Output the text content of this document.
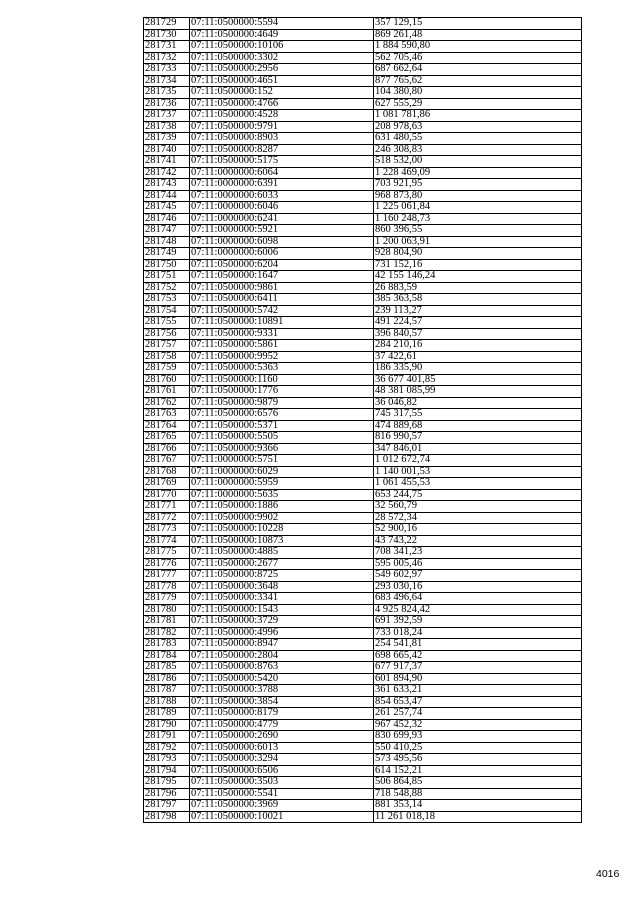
281729	07:11:0500000:5594	357 129,15
281730	07:11:0500000:4649	869 261,48
281731	07:11:0500000:10106	1 884 590,80
281732	07:11:0500000:3302	562 705,46
281733	07:11:0500000:2956	687 662,64
281734	07:11:0500000:4651	877 765,62
281735	07:11:0500000:152	104 380,80
281736	07:11:0500000:4766	627 555,29
281737	07:11:0500000:4528	1 081 781,86
281738	07:11:0500000:9791	208 978,63
281739	07:11:0500000:8903	631 480,55
281740	07:11:0500000:8287	246 308,83
281741	07:11:0500000:5175	518 532,00
281742	07:11:0000000:6064	1 228 469,09
281743	07:11:0000000:6391	703 921,95
281744	07:11:0000000:6033	968 873,80
281745	07:11:0000000:6046	1 225 061,84
281746	07:11:0000000:6241	1 160 248,73
281747	07:11:0000000:5921	860 396,55
281748	07:11:0000000:6098	1 200 063,91
281749	07:11:0000000:6006	928 804,90
281750	07:11:0500000:6204	731 152,16
281751	07:11:0500000:1647	42 155 146,24
281752	07:11:0500000:9861	26 883,59
281753	07:11:0500000:6411	385 363,58
281754	07:11:0500000:5742	239 113,27
281755	07:11:0500000:10891	491 224,57
281756	07:11:0500000:9331	396 840,57
281757	07:11:0500000:5861	284 210,16
281758	07:11:0500000:9952	37 422,61
281759	07:11:0500000:5363	186 335,90
281760	07:11:0500000:1160	36 677 401,85
281761	07:11:0500000:1776	48 381 085,99
281762	07:11:0500000:9879	36 046,82
281763	07:11:0500000:6576	745 317,55
281764	07:11:0500000:5371	474 889,68
281765	07:11:0500000:5505	816 990,57
281766	07:11:0500000:9366	347 846,01
281767	07:11:0000000:5751	1 012 672,74
281768	07:11:0000000:6029	1 140 001,53
281769	07:11:0000000:5959	1 061 455,53
281770	07:11:0000000:5635	653 244,75
281771	07:11:0500000:1886	32 560,79
281772	07:11:0500000:9902	28 572,34
281773	07:11:0500000:10228	52 900,16
281774	07:11:0500000:10873	43 743,22
281775	07:11:0500000:4885	708 341,23
281776	07:11:0500000:2677	595 005,46
281777	07:11:0500000:8725	549 602,97
281778	07:11:0500000:3648	293 030,16
281779	07:11:0500000:3341	683 496,64
281780	07:11:0500000:1543	4 925 824,42
281781	07:11:0500000:3729	691 392,59
281782	07:11:0500000:4996	733 018,24
281783	07:11:0500000:8947	254 541,81
281784	07:11:0500000:2804	698 665,42
281785	07:11:0500000:8763	677 917,37
281786	07:11:0500000:5420	601 894,90
281787	07:11:0500000:3788	361 633,21
281788	07:11:0500000:3854	854 653,47
281789	07:11:0500000:8179	261 257,74
281790	07:11:0500000:4779	967 452,32
281791	07:11:0500000:2690	830 699,93
281792	07:11:0500000:6013	550 410,25
281793	07:11:0500000:3294	573 495,56
281794	07:11:0500000:6506	614 152,21
281795	07:11:0500000:3503	506 864,85
281796	07:11:0500000:5541	718 548,88
281797	07:11:0500000:3969	881 353,14
281798	07:11:0500000:10021	11 261 018,18
4016
